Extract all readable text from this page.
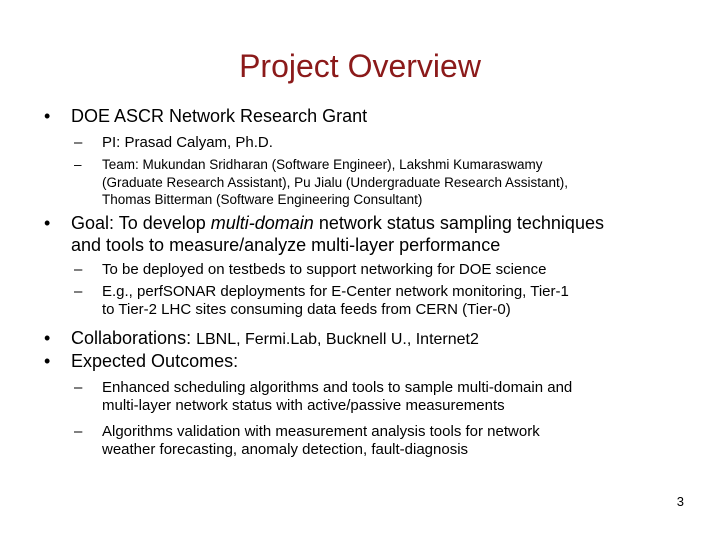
Project Overview
• DOE ASCR Network Research Grant
– PI: Prasad Calyam, Ph.D.
– Team: Mukundan Sridharan (Software Engineer), Lakshmi Kumaraswamy
(Graduate Research Assistant), Pu Jialu (Undergraduate Research Assistant),
Thomas Bitterman (Software Engineering Consultant)
• Goal: To develop multi-domain network status sampling techniques
and tools to measure/analyze multi-layer performance
– To be deployed on testbeds to support networking for DOE science
– E.g., perfSONAR deployments for E-Center network monitoring, Tier-1
to Tier-2 LHC sites consuming data feeds from CERN (Tier-0)
• Collaborations: LBNL, Fermi.Lab, Bucknell U., Internet2
• Expected Outcomes:
– Enhanced scheduling algorithms and tools to sample multi-domain and
multi-layer network status with active/passive measurements
– Algorithms validation with measurement analysis tools for network
weather forecasting, anomaly detection, fault-diagnosis
3
